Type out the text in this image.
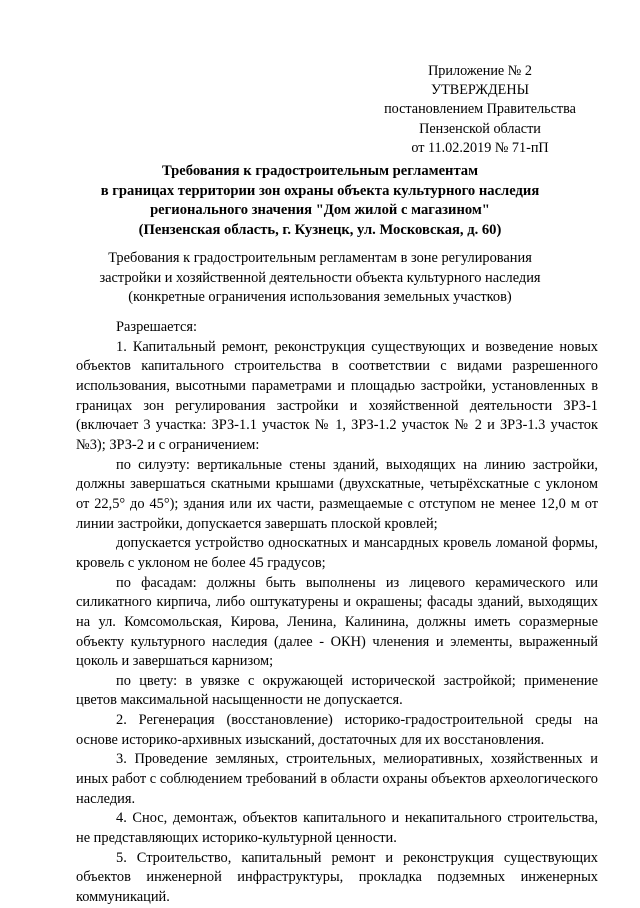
Приложение № 2
УТВЕРЖДЕНЫ
постановлением Правительства
Пензенской области
от 11.02.2019 № 71-пП
Требования к градостроительным регламентам
в границах территории зон охраны объекта культурного наследия
регионального значения "Дом жилой с магазином"
(Пензенская область, г. Кузнецк, ул. Московская, д. 60)
Требования к градостроительным регламентам в зоне регулирования
застройки и хозяйственной деятельности объекта культурного наследия
(конкретные ограничения использования земельных участков)

Разрешается:

1. Капитальный ремонт, реконструкция существующих и возведение новых объектов капитального строительства в соответствии с видами разрешенного использования, высотными параметрами и площадью застройки, установленных в границах зон регулирования застройки и хозяйственной деятельности ЗРЗ-1 (включает 3 участка: ЗРЗ-1.1 участок № 1, ЗРЗ-1.2 участок № 2 и ЗРЗ-1.3 участок №3); ЗРЗ-2 и с ограничением:

по силуэту: вертикальные стены зданий, выходящих на линию застройки, должны завершаться скатными крышами (двухскатные, четырёхскатные с уклоном от 22,5° до 45°); здания или их части, размещаемые с отступом не менее 12,0 м от линии застройки, допускается завершать плоской кровлей;

допускается устройство односкатных и мансардных кровель ломаной формы, кровель с уклоном не более 45 градусов;

по фасадам: должны быть выполнены из лицевого керамического или силикатного кирпича, либо оштукатурены и окрашены; фасады зданий, выходящих на ул. Комсомольская, Кирова, Ленина, Калинина, должны иметь соразмерные объекту культурного наследия (далее - ОКН) членения и элементы, выраженный цоколь и завершаться карнизом;

по цвету: в увязке с окружающей исторической застройкой; применение цветов максимальной насыщенности не допускается.

2. Регенерация (восстановление) историко-градостроительной среды на основе историко-архивных изысканий, достаточных для их восстановления.

3. Проведение земляных, строительных, мелиоративных, хозяйственных и иных работ с соблюдением требований в области охраны объектов археологического наследия.

4. Снос, демонтаж, объектов капитального и некапитального строительства, не представляющих историко-культурной ценности.

5. Строительство, капитальный ремонт и реконструкция существующих объектов инженерной инфраструктуры, прокладка подземных инженерных коммуникаций.
